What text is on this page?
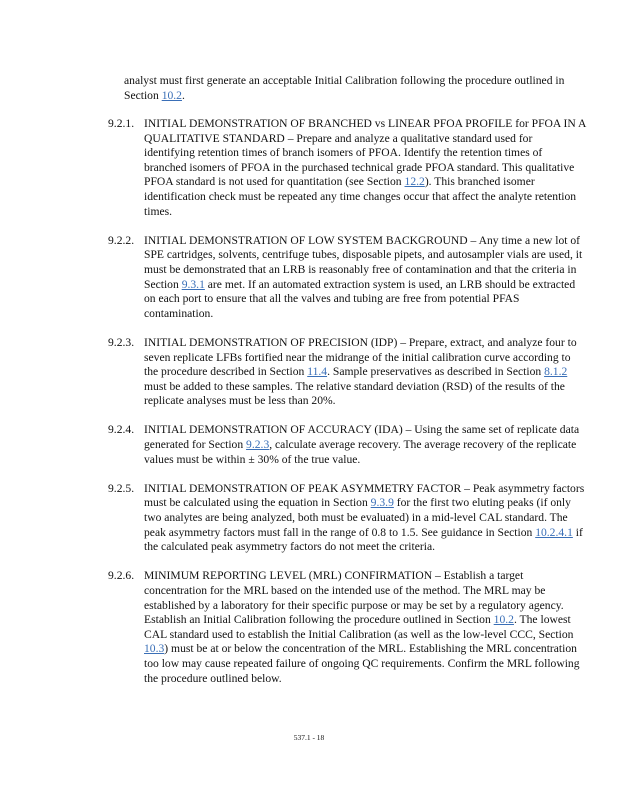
analyst must first generate an acceptable Initial Calibration following the procedure outlined in Section 10.2.
9.2.1. INITIAL DEMONSTRATION OF BRANCHED vs LINEAR PFOA PROFILE for PFOA IN A QUALITATIVE STANDARD – Prepare and analyze a qualitative standard used for identifying retention times of branch isomers of PFOA. Identify the retention times of branched isomers of PFOA in the purchased technical grade PFOA standard. This qualitative PFOA standard is not used for quantitation (see Section 12.2). This branched isomer identification check must be repeated any time changes occur that affect the analyte retention times.
9.2.2. INITIAL DEMONSTRATION OF LOW SYSTEM BACKGROUND – Any time a new lot of SPE cartridges, solvents, centrifuge tubes, disposable pipets, and autosampler vials are used, it must be demonstrated that an LRB is reasonably free of contamination and that the criteria in Section 9.3.1 are met. If an automated extraction system is used, an LRB should be extracted on each port to ensure that all the valves and tubing are free from potential PFAS contamination.
9.2.3. INITIAL DEMONSTRATION OF PRECISION (IDP) – Prepare, extract, and analyze four to seven replicate LFBs fortified near the midrange of the initial calibration curve according to the procedure described in Section 11.4. Sample preservatives as described in Section 8.1.2 must be added to these samples. The relative standard deviation (RSD) of the results of the replicate analyses must be less than 20%.
9.2.4. INITIAL DEMONSTRATION OF ACCURACY (IDA) – Using the same set of replicate data generated for Section 9.2.3, calculate average recovery. The average recovery of the replicate values must be within ± 30% of the true value.
9.2.5. INITIAL DEMONSTRATION OF PEAK ASYMMETRY FACTOR – Peak asymmetry factors must be calculated using the equation in Section 9.3.9 for the first two eluting peaks (if only two analytes are being analyzed, both must be evaluated) in a mid-level CAL standard. The peak asymmetry factors must fall in the range of 0.8 to 1.5. See guidance in Section 10.2.4.1 if the calculated peak asymmetry factors do not meet the criteria.
9.2.6. MINIMUM REPORTING LEVEL (MRL) CONFIRMATION – Establish a target concentration for the MRL based on the intended use of the method. The MRL may be established by a laboratory for their specific purpose or may be set by a regulatory agency. Establish an Initial Calibration following the procedure outlined in Section 10.2. The lowest CAL standard used to establish the Initial Calibration (as well as the low-level CCC, Section 10.3) must be at or below the concentration of the MRL. Establishing the MRL concentration too low may cause repeated failure of ongoing QC requirements. Confirm the MRL following the procedure outlined below.
537.1 - 18
